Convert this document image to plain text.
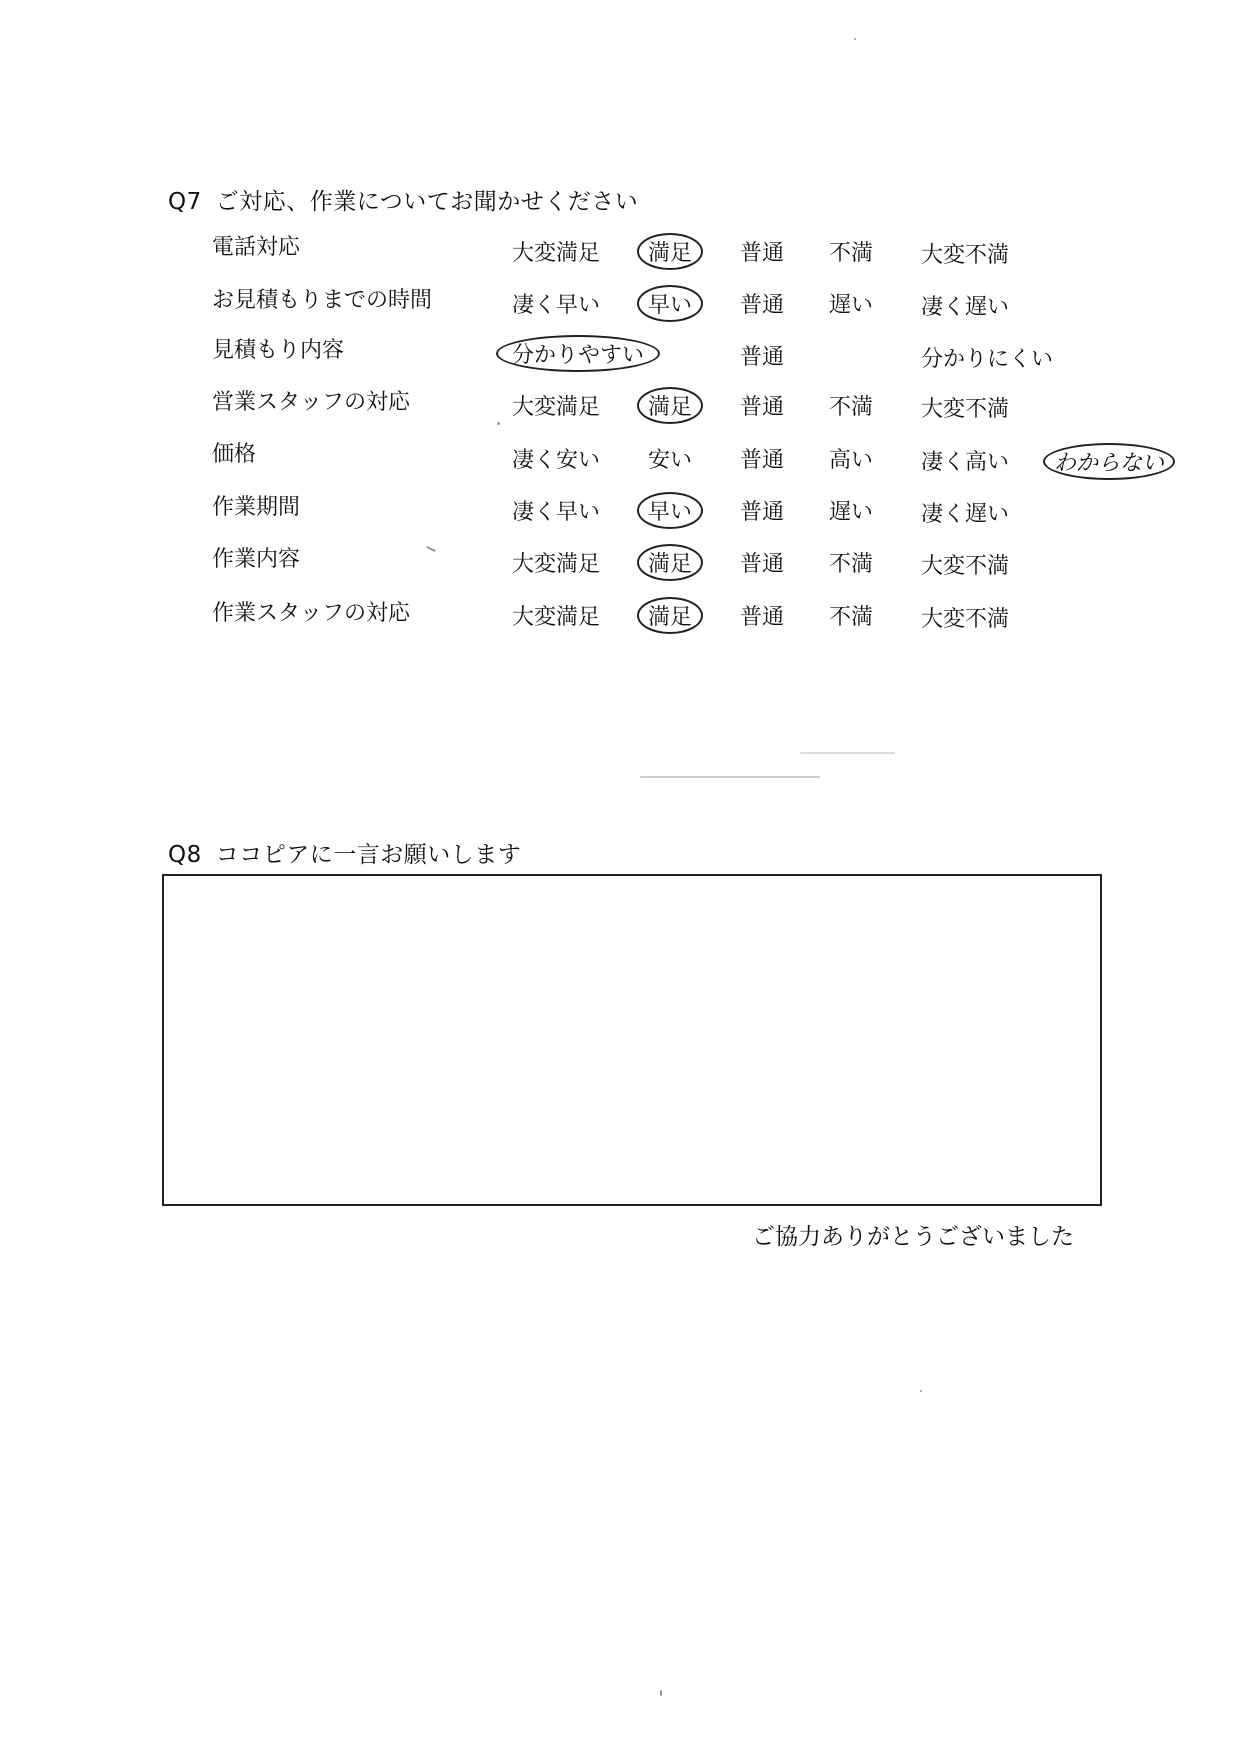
Q7 ご対応、作業についてお聞かせください
電話対応	大変満足	満足	普通 不満 大変不満
お見積もりまでの時間	凄く早い	早い	普通 遅い 凄く遅い
見積もり内容	分かりやすい	普通	分かりにくい
営業スタッフの対応	大変満足	満足	普通 不満 大変不満
価格	凄く安い 安い 普通 高い 凄く高い	わからない
作業期間	凄く早い	早い	普通 遅い 凄く遅い
作業内容	大変満足	満足	普通 不満 大変不満
作業スタッフの対応	大変満足	満足	普通 不満 大変不満
Q8 ココピアに一言お願いします
ご協力ありがとうございました
